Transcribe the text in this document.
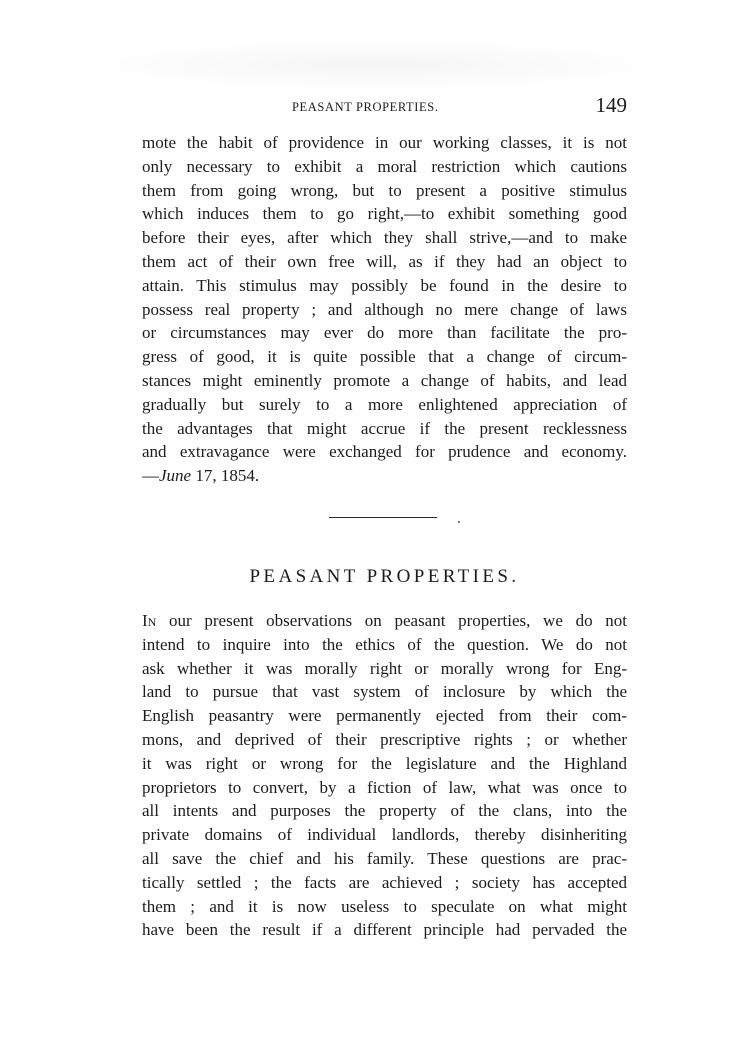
PEASANT PROPERTIES.	149
mote the habit of providence in our working classes, it is not
only necessary to exhibit a moral restriction which cautions
them from going wrong, but to present a positive stimulus
which induces them to go right,—to exhibit something good
before their eyes, after which they shall strive,—and to make
them act of their own free will, as if they had an object to
attain. This stimulus may possibly be found in the desire to
possess real property ; and although no mere change of laws
or circumstances may ever do more than facilitate the pro-
gress of good, it is quite possible that a change of circum-
stances might eminently promote a change of habits, and lead
gradually but surely to a more enlightened appreciation of
the advantages that might accrue if the present recklessness
and extravagance were exchanged for prudence and economy.
—June 17, 1854.
PEASANT PROPERTIES.
In our present observations on peasant properties, we do not
intend to inquire into the ethics of the question. We do not
ask whether it was morally right or morally wrong for Eng-
land to pursue that vast system of inclosure by which the
English peasantry were permanently ejected from their com-
mons, and deprived of their prescriptive rights ; or whether
it was right or wrong for the legislature and the Highland
proprietors to convert, by a fiction of law, what was once to
all intents and purposes the property of the clans, into the
private domains of individual landlords, thereby disinheriting
all save the chief and his family. These questions are prac-
tically settled ; the facts are achieved ; society has accepted
them ; and it is now useless to speculate on what might
have been the result if a different principle had pervaded the
